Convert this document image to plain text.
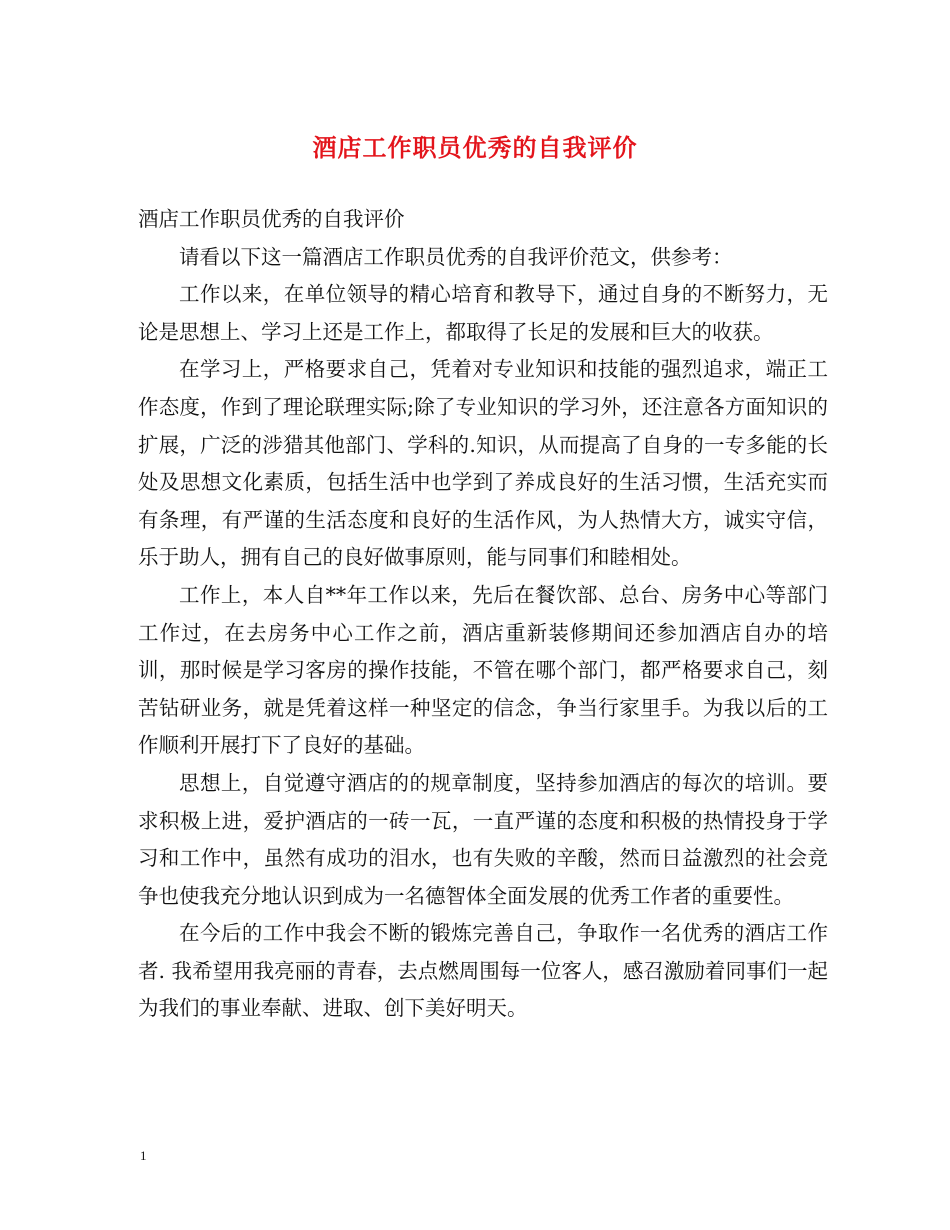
酒店工作职员优秀的自我评价

酒店工作职员优秀的自我评价

请看以下这一篇酒店工作职员优秀的自我评价范文，供参考：

工作以来，在单位领导的精心培育和教导下，通过自身的不断努力，无论是思想上、学习上还是工作上，都取得了长足的发展和巨大的收获。

在学习上，严格要求自己，凭着对专业知识和技能的强烈追求，端正工作态度，作到了理论联理实际;除了专业知识的学习外，还注意各方面知识的扩展，广泛的涉猎其他部门、学科的.知识，从而提高了自身的一专多能的长处及思想文化素质，包括生活中也学到了养成良好的生活习惯，生活充实而有条理，有严谨的生活态度和良好的生活作风，为人热情大方，诚实守信，乐于助人，拥有自己的良好做事原则，能与同事们和睦相处。

工作上，本人自**年工作以来，先后在餐饮部、总台、房务中心等部门工作过，在去房务中心工作之前，酒店重新装修期间还参加酒店自办的培训，那时候是学习客房的操作技能，不管在哪个部门，都严格要求自己，刻苦钻研业务，就是凭着这样一种坚定的信念，争当行家里手。为我以后的工作顺利开展打下了良好的基础。

思想上，自觉遵守酒店的的规章制度，坚持参加酒店的每次的培训。要求积极上进，爱护酒店的一砖一瓦，一直严谨的态度和积极的热情投身于学习和工作中，虽然有成功的泪水，也有失败的辛酸，然而日益激烈的社会竞争也使我充分地认识到成为一名德智体全面发展的优秀工作者的重要性。

在今后的工作中我会不断的锻炼完善自己，争取作一名优秀的酒店工作者. 我希望用我亮丽的青春，去点燃周围每一位客人，感召激励着同事们一起为我们的事业奉献、进取、创下美好明天。

1
